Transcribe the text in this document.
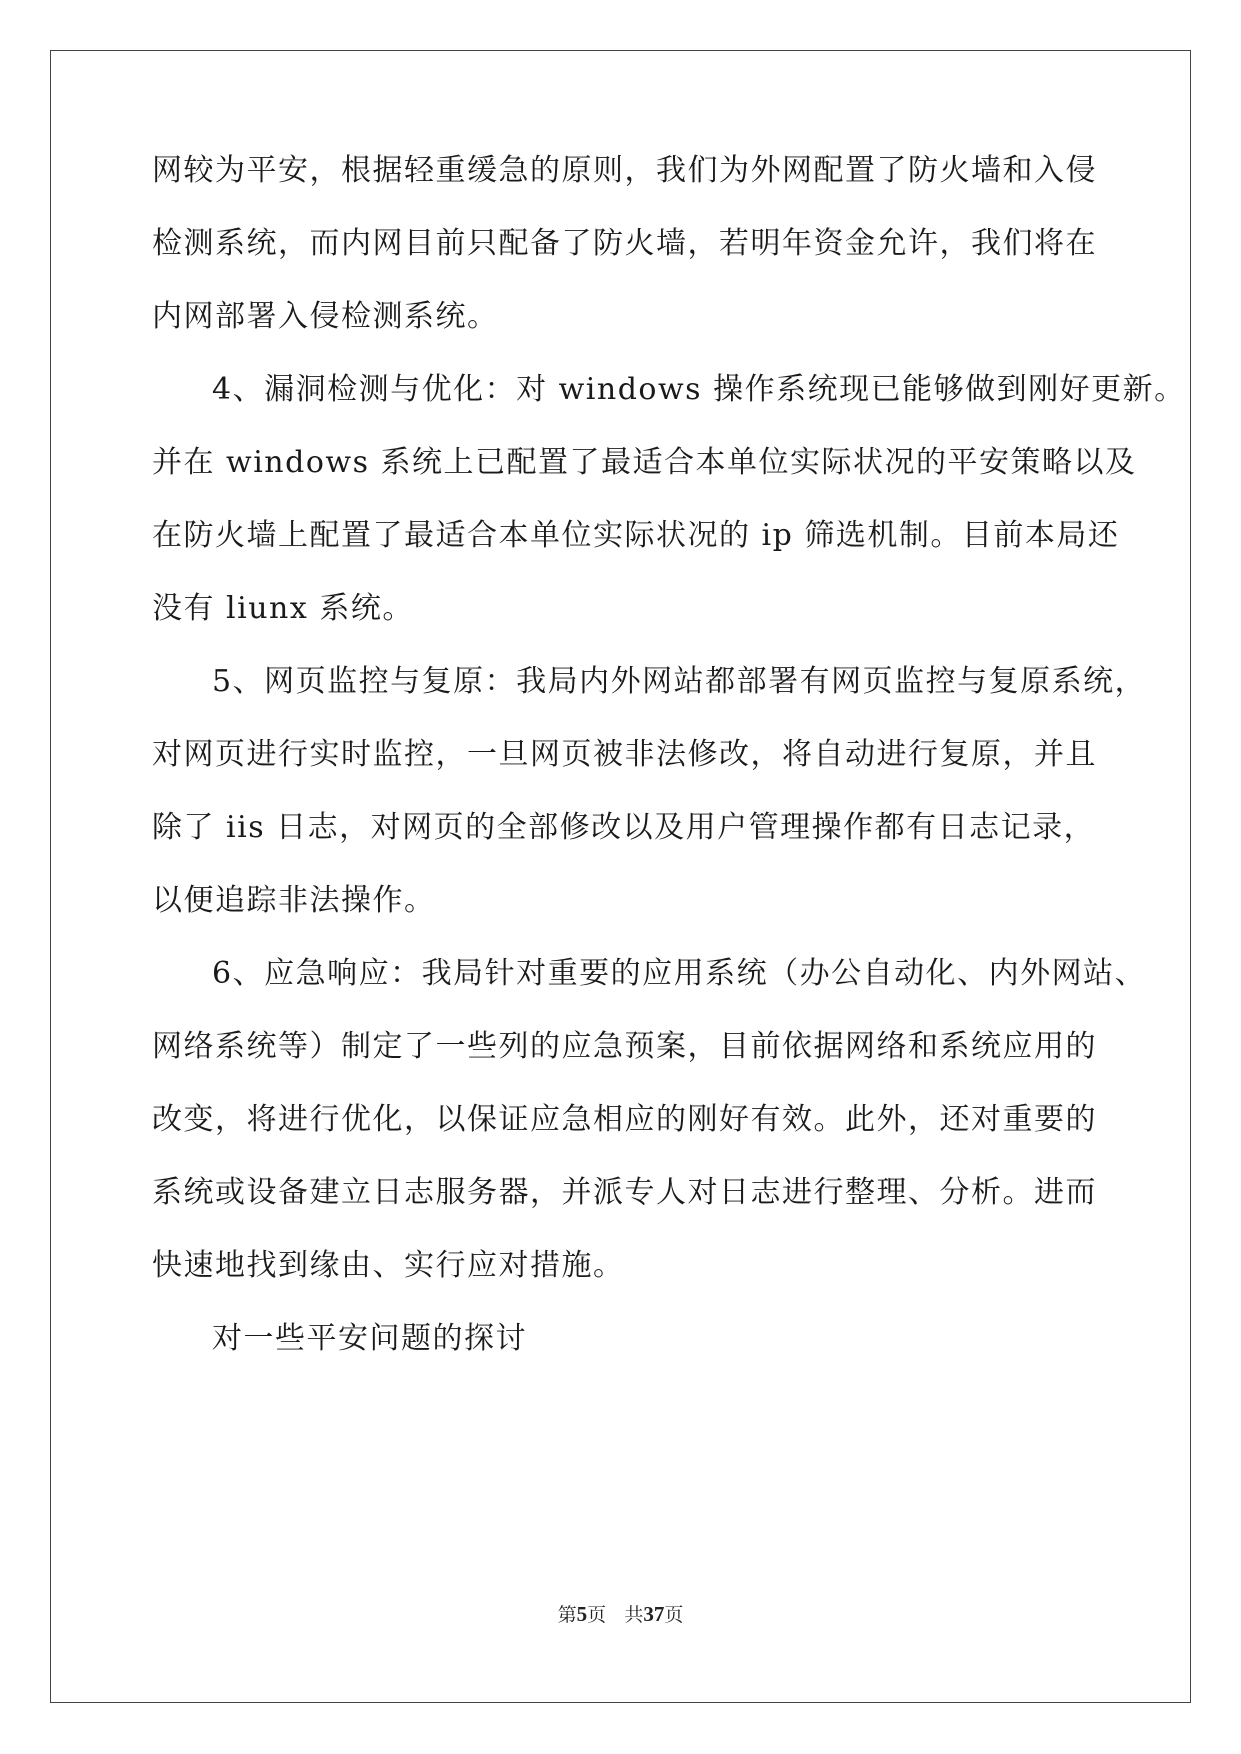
网较为平安，根据轻重缓急的原则，我们为外网配置了防火墙和入侵
检测系统，而内网目前只配备了防火墙，若明年资金允许，我们将在
内网部署入侵检测系统。
4、漏洞检测与优化：对 windows 操作系统现已能够做到刚好更新。
并在 windows 系统上已配置了最适合本单位实际状况的平安策略以及
在防火墙上配置了最适合本单位实际状况的 ip 筛选机制。目前本局还
没有 liunx 系统。
5、网页监控与复原：我局内外网站都部署有网页监控与复原系统，
对网页进行实时监控，一旦网页被非法修改，将自动进行复原，并且
除了 iis 日志，对网页的全部修改以及用户管理操作都有日志记录，
以便追踪非法操作。
6、应急响应：我局针对重要的应用系统（办公自动化、内外网站、
网络系统等）制定了一些列的应急预案，目前依据网络和系统应用的
改变，将进行优化，以保证应急相应的刚好有效。此外，还对重要的
系统或设备建立日志服务器，并派专人对日志进行整理、分析。进而
快速地找到缘由、实行应对措施。
对一些平安问题的探讨
第5页 共37页
